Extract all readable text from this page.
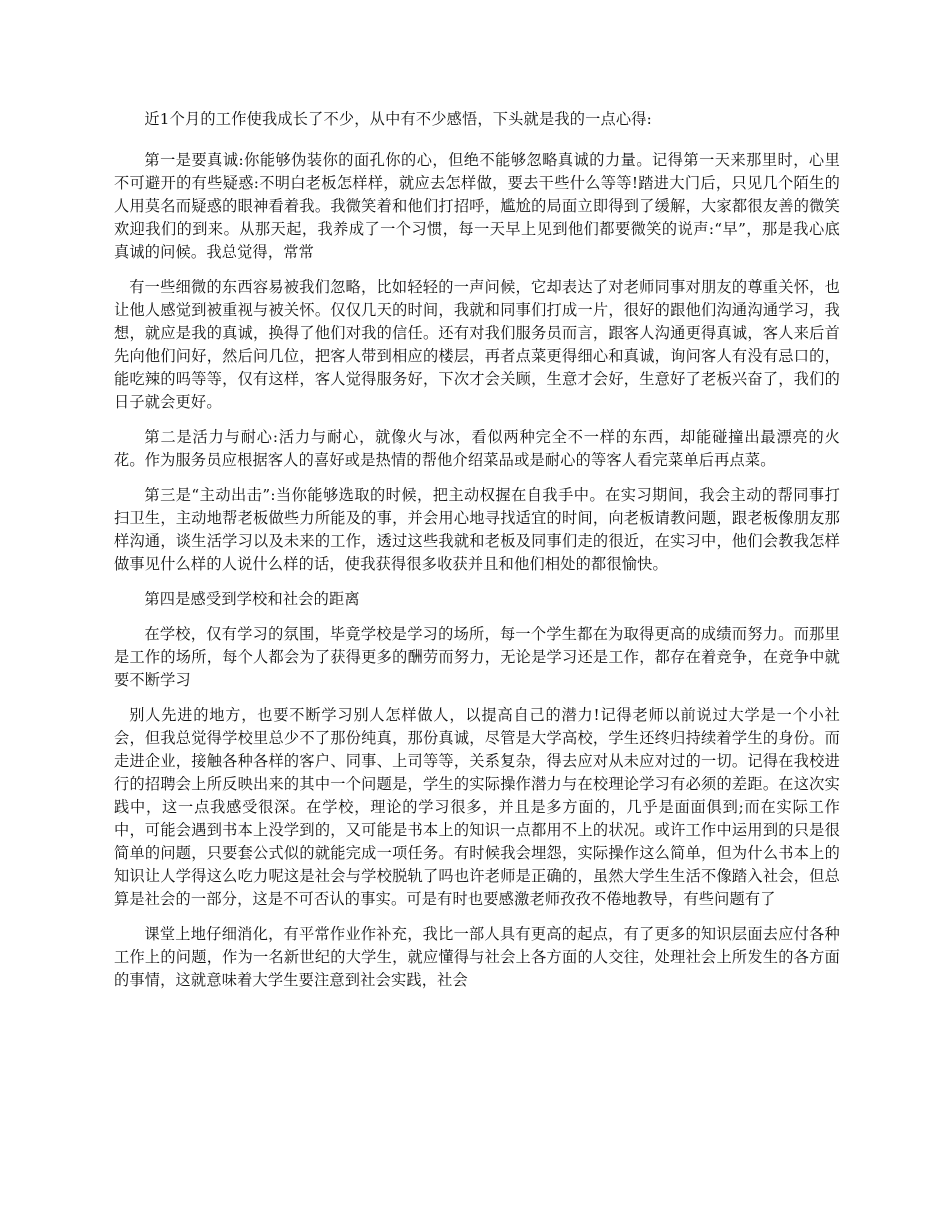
近1个月的工作使我成长了不少，从中有不少感悟，下头就是我的一点心得:

第一是要真诚:你能够伪装你的面孔你的心，但绝不能够忽略真诚的力量。记得第一天来那里时，心里不可避开的有些疑惑:不明白老板怎样样，就应去怎样做，要去干些什么等等!踏进大门后，只见几个陌生的人用莫名而疑惑的眼神看着我。我微笑着和他们打招呼，尴尬的局面立即得到了缓解，大家都很友善的微笑欢迎我们的到来。从那天起，我养成了一个习惯，每一天早上见到他们都要微笑的说声:“早”，那是我心底真诚的问候。我总觉得，常常

有一些细微的东西容易被我们忽略，比如轻轻的一声问候，它却表达了对老师同事对朋友的尊重关怀，也让他人感觉到被重视与被关怀。仅仅几天的时间，我就和同事们打成一片，很好的跟他们沟通沟通学习，我想，就应是我的真诚，换得了他们对我的信任。还有对我们服务员而言，跟客人沟通更得真诚，客人来后首先向他们问好，然后问几位，把客人带到相应的楼层，再者点菜更得细心和真诚，询问客人有没有忌口的，能吃辣的吗等等，仅有这样，客人觉得服务好，下次才会关顾，生意才会好，生意好了老板兴奋了，我们的日子就会更好。

第二是活力与耐心:活力与耐心，就像火与冰，看似两种完全不一样的东西，却能碰撞出最漂亮的火花。作为服务员应根据客人的喜好或是热情的帮他介绍菜品或是耐心的等客人看完菜单后再点菜。

第三是“主动出击”:当你能够选取的时候，把主动权握在自我手中。在实习期间，我会主动的帮同事打扫卫生，主动地帮老板做些力所能及的事，并会用心地寻找适宜的时间，向老板请教问题，跟老板像朋友那样沟通，谈生活学习以及未来的工作，透过这些我就和老板及同事们走的很近，在实习中，他们会教我怎样做事见什么样的人说什么样的话，使我获得很多收获并且和他们相处的都很愉快。

第四是感受到学校和社会的距离

在学校，仅有学习的氛围，毕竟学校是学习的场所，每一个学生都在为取得更高的成绩而努力。而那里是工作的场所，每个人都会为了获得更多的酬劳而努力，无论是学习还是工作，都存在着竞争，在竞争中就要不断学习

别人先进的地方，也要不断学习别人怎样做人，以提高自己的潜力!记得老师以前说过大学是一个小社会，但我总觉得学校里总少不了那份纯真，那份真诚，尽管是大学高校，学生还终归持续着学生的身份。而走进企业，接触各种各样的客户、同事、上司等等，关系复杂，得去应对从未应对过的一切。记得在我校进行的招聘会上所反映出来的其中一个问题是，学生的实际操作潜力与在校理论学习有必须的差距。在这次实践中，这一点我感受很深。在学校，理论的学习很多，并且是多方面的，几乎是面面俱到;而在实际工作中，可能会遇到书本上没学到的，又可能是书本上的知识一点都用不上的状况。或许工作中运用到的只是很简单的问题，只要套公式似的就能完成一项任务。有时候我会埋怨，实际操作这么简单，但为什么书本上的知识让人学得这么吃力呢这是社会与学校脱轨了吗也许老师是正确的，虽然大学生生活不像踏入社会，但总算是社会的一部分，这是不可否认的事实。可是有时也要感激老师孜孜不倦地教导，有些问题有了

课堂上地仔细消化，有平常作业作补充，我比一部人具有更高的起点，有了更多的知识层面去应付各种工作上的问题，作为一名新世纪的大学生，就应懂得与社会上各方面的人交往，处理社会上所发生的各方面的事情，这就意味着大学生要注意到社会实践，社会
